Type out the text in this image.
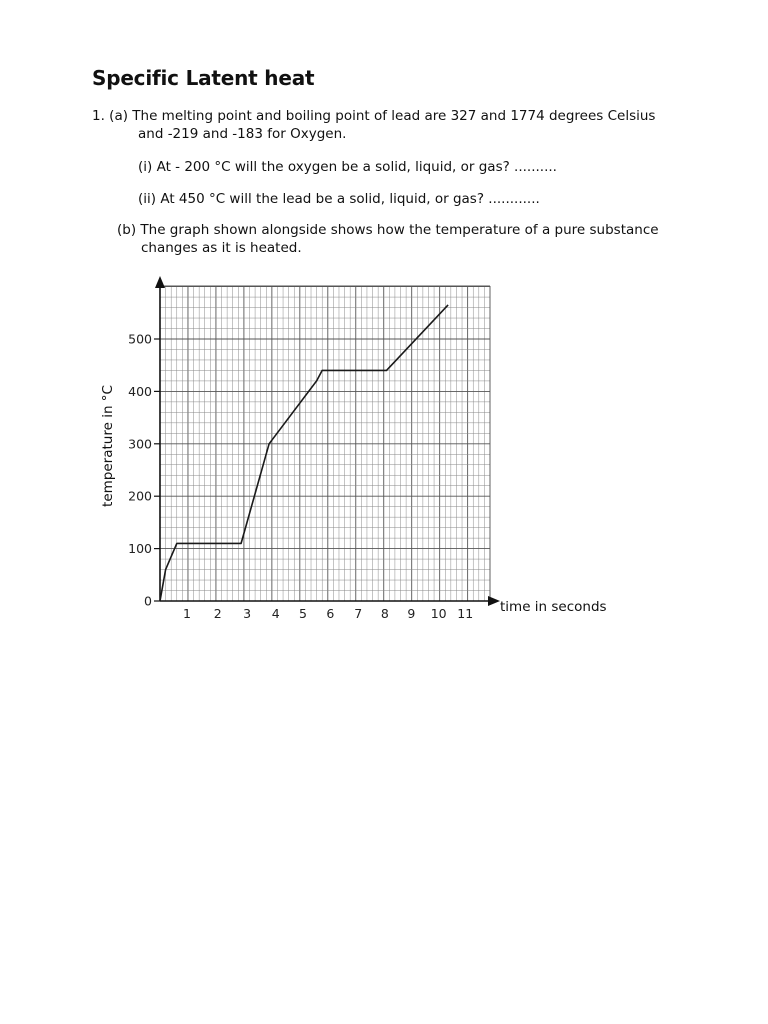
Specific Latent heat
1. (a) The melting point and boiling point of lead are 327 and 1774 degrees Celsius
and -219 and -183 for Oxygen.
(i) At - 200 °C will the oxygen be a solid, liquid, or gas? ..........
(ii) At 450 °C will the lead be a solid, liquid, or gas? ............
(b) The graph shown alongside shows how the temperature of a pure substance
changes as it is heated.
0
100
200
300
400
500
1 2 3 4 5 6 7 8 9 10 11
temperature in °C
time in seconds
